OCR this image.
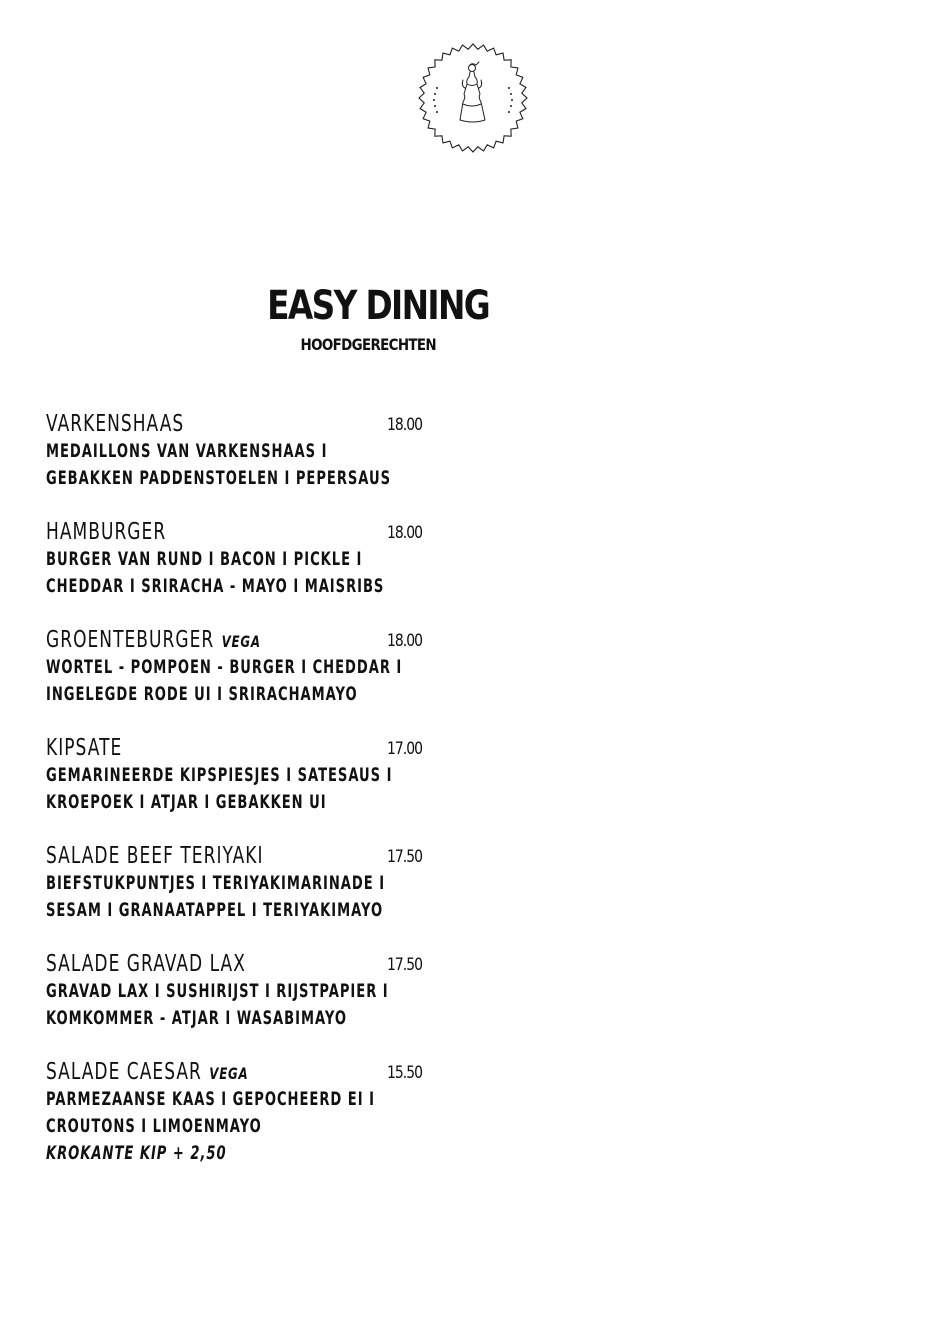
EASY DINING
HOOFDGERECHTEN
VARKENSHAAS	18.00
MEDAILLONS VAN VARKENSHAAS I
GEBAKKEN PADDENSTOELEN I PEPERSAUS
HAMBURGER	18.00
BURGER VAN RUND I BACON I PICKLE I
CHEDDAR I SRIRACHA - MAYO I MAISRIBS
GROENTEBURGER VEGA	18.00
WORTEL - POMPOEN - BURGER I CHEDDAR I
INGELEGDE RODE UI I SRIRACHAMAYO
KIPSATE	17.00
GEMARINEERDE KIPSPIESJES I SATESAUS I
KROEPOEK I ATJAR I GEBAKKEN UI
SALADE BEEF TERIYAKI	17.50
BIEFSTUKPUNTJES I TERIYAKIMARINADE I
SESAM I GRANAATAPPEL I TERIYAKIMAYO
SALADE GRAVAD LAX	17.50
GRAVAD LAX I SUSHIRIJST I RIJSTPAPIER I
KOMKOMMER - ATJAR I WASABIMAYO
SALADE CAESAR VEGA	15.50
PARMEZAANSE KAAS I GEPOCHEERD EI I
CROUTONS I LIMOENMAYO
KROKANTE KIP + 2,50
